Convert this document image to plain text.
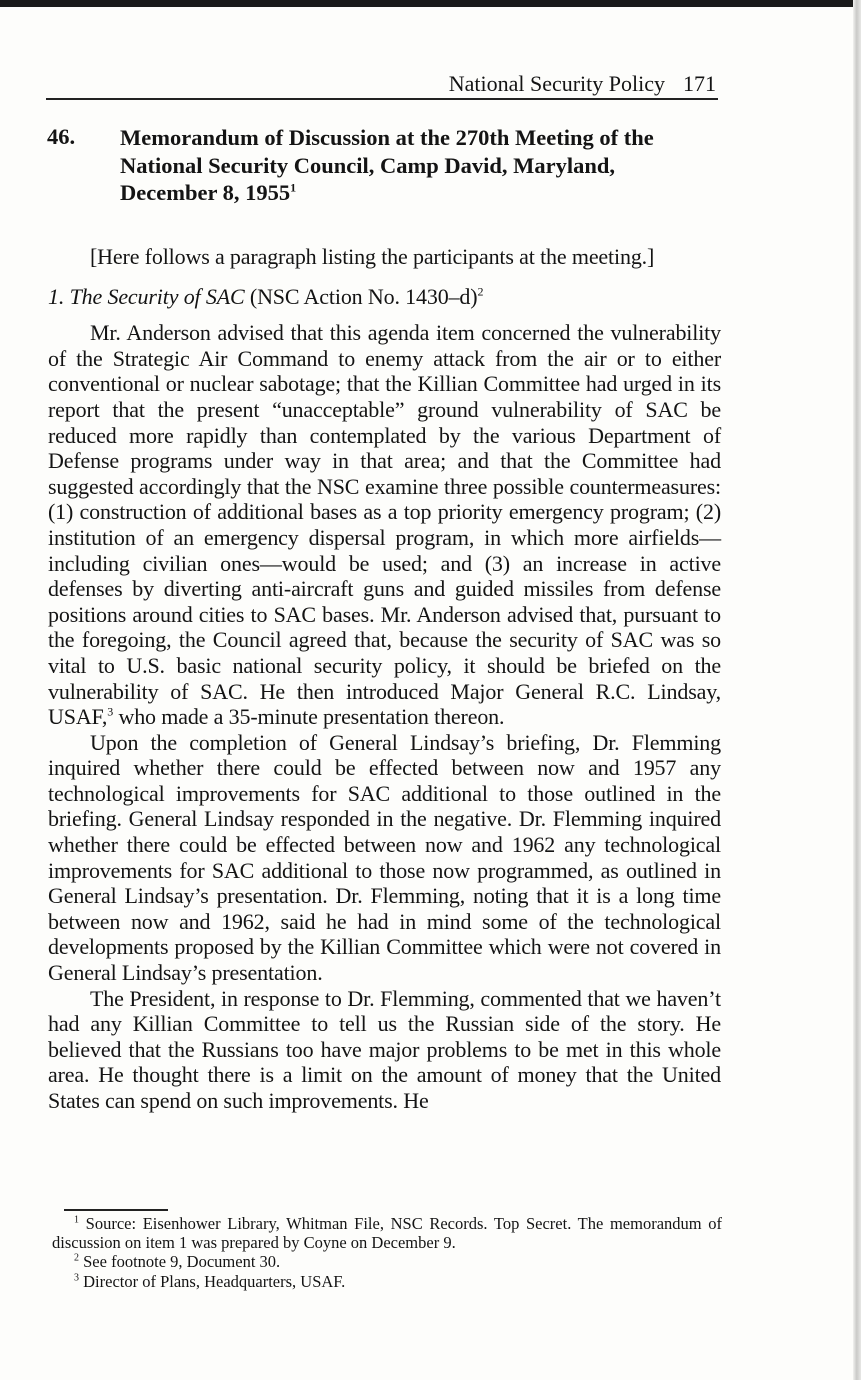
National Security Policy 171
46. Memorandum of Discussion at the 270th Meeting of the National Security Council, Camp David, Maryland, December 8, 1955$^1$

[Here follows a paragraph listing the participants at the meeting.]

1. The Security of SAC (NSC Action No. 1430–d)$^2$

Mr. Anderson advised that this agenda item concerned the vulnerability of the Strategic Air Command to enemy attack from the air or to either conventional or nuclear sabotage; that the Killian Committee had urged in its report that the present “unacceptable” ground vulnerability of SAC be reduced more rapidly than contemplated by the various Department of Defense programs under way in that area; and that the Committee had suggested accordingly that the NSC examine three possible countermeasures: (1) construction of additional bases as a top priority emergency program; (2) institution of an emergency dispersal program, in which more airfields—including civilian ones—would be used; and (3) an increase in active defenses by diverting anti-aircraft guns and guided missiles from defense positions around cities to SAC bases. Mr. Anderson advised that, pursuant to the foregoing, the Council agreed that, because the security of SAC was so vital to U.S. basic national security policy, it should be briefed on the vulnerability of SAC. He then introduced Major General R.C. Lindsay, USAF,$^3$ who made a 35-minute presentation thereon.

Upon the completion of General Lindsay’s briefing, Dr. Flemming inquired whether there could be effected between now and 1957 any technological improvements for SAC additional to those outlined in the briefing. General Lindsay responded in the negative. Dr. Flemming inquired whether there could be effected between now and 1962 any technological improvements for SAC additional to those now programmed, as outlined in General Lindsay’s presentation. Dr. Flemming, noting that it is a long time between now and 1962, said he had in mind some of the technological developments proposed by the Killian Committee which were not covered in General Lindsay’s presentation.

The President, in response to Dr. Flemming, commented that we haven’t had any Killian Committee to tell us the Russian side of the story. He believed that the Russians too have major problems to be met in this whole area. He thought there is a limit on the amount of money that the United States can spend on such improvements. He

$^1$ Source: Eisenhower Library, Whitman File, NSC Records. Top Secret. The memorandum of discussion on item 1 was prepared by Coyne on December 9.

$^2$ See footnote 9, Document 30.

$^3$ Director of Plans, Headquarters, USAF.
